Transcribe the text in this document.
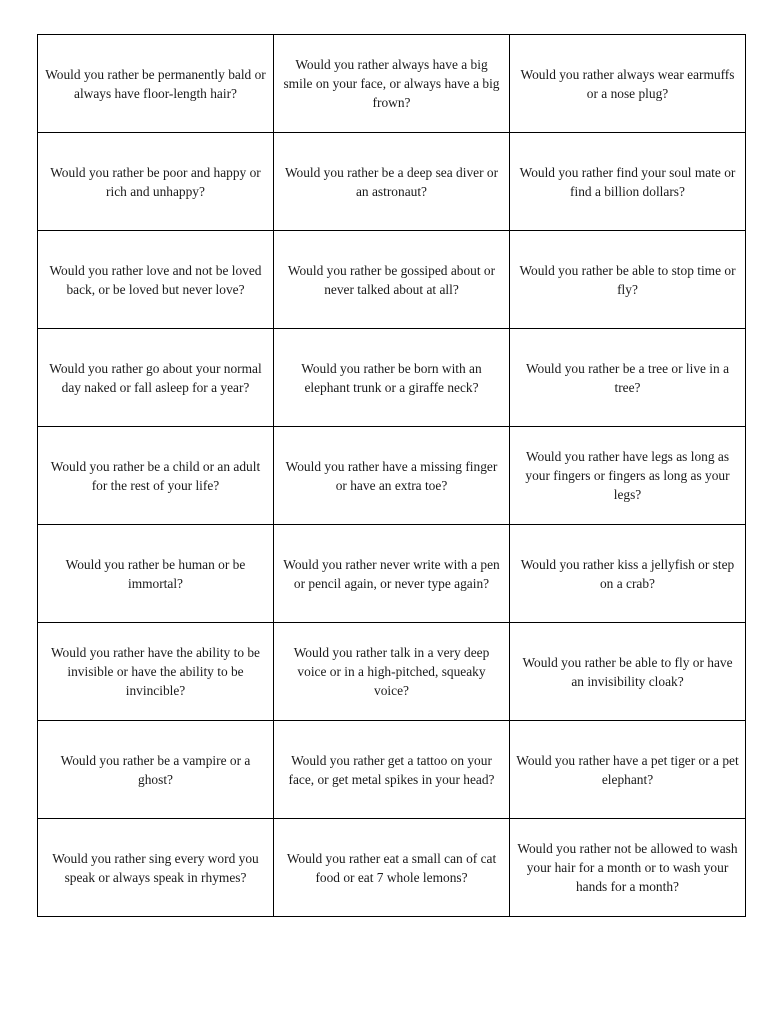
Would you rather be permanently bald or always have floor-length hair?	Would you rather always have a big smile on your face, or always have a big frown?	Would you rather always wear earmuffs or a nose plug?
Would you rather be poor and happy or rich and unhappy?	Would you rather be a deep sea diver or an astronaut?	Would you rather find your soul mate or find a billion dollars?
Would you rather love and not be loved back, or be loved but never love?	Would you rather be gossiped about or never talked about at all?	Would you rather be able to stop time or fly?
Would you rather go about your normal day naked or fall asleep for a year?	Would you rather be born with an elephant trunk or a giraffe neck?	Would you rather be a tree or live in a tree?
Would you rather be a child or an adult for the rest of your life?	Would you rather have a missing finger or have an extra toe?	Would you rather have legs as long as your fingers or fingers as long as your legs?
Would you rather be human or be immortal?	Would you rather never write with a pen or pencil again, or never type again?	Would you rather kiss a jellyfish or step on a crab?
Would you rather have the ability to be invisible or have the ability to be invincible?	Would you rather talk in a very deep voice or in a high-pitched, squeaky voice?	Would you rather be able to fly or have an invisibility cloak?
Would you rather be a vampire or a ghost?	Would you rather get a tattoo on your face, or get metal spikes in your head?	Would you rather have a pet tiger or a pet elephant?
Would you rather sing every word you speak or always speak in rhymes?	Would you rather eat a small can of cat food or eat 7 whole lemons?	Would you rather not be allowed to wash your hair for a month or to wash your hands for a month?
